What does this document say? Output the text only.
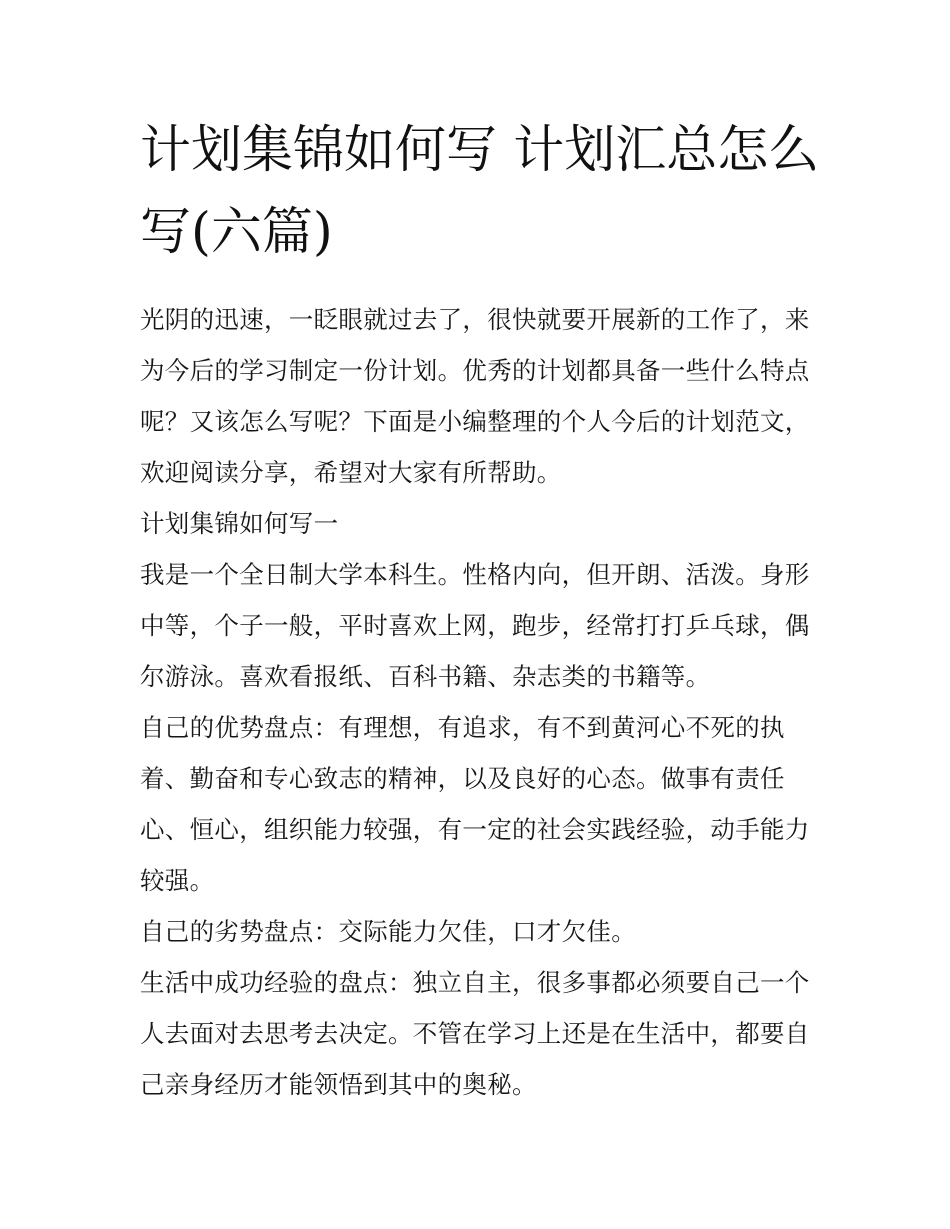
计划集锦如何写 计划汇总怎么写(六篇)

光阴的迅速，一眨眼就过去了，很快就要开展新的工作了，来为今后的学习制定一份计划。优秀的计划都具备一些什么特点呢？又该怎么写呢？下面是小编整理的个人今后的计划范文，欢迎阅读分享，希望对大家有所帮助。

计划集锦如何写一

我是一个全日制大学本科生。性格内向，但开朗、活泼。身形中等，个子一般，平时喜欢上网，跑步，经常打打乒乓球，偶尔游泳。喜欢看报纸、百科书籍、杂志类的书籍等。

自己的优势盘点：有理想，有追求，有不到黄河心不死的执着、勤奋和专心致志的精神，以及良好的心态。做事有责任心、恒心，组织能力较强，有一定的社会实践经验，动手能力较强。

自己的劣势盘点：交际能力欠佳，口才欠佳。

生活中成功经验的盘点：独立自主，很多事都必须要自己一个人去面对去思考去决定。不管在学习上还是在生活中，都要自己亲身经历才能领悟到其中的奥秘。
